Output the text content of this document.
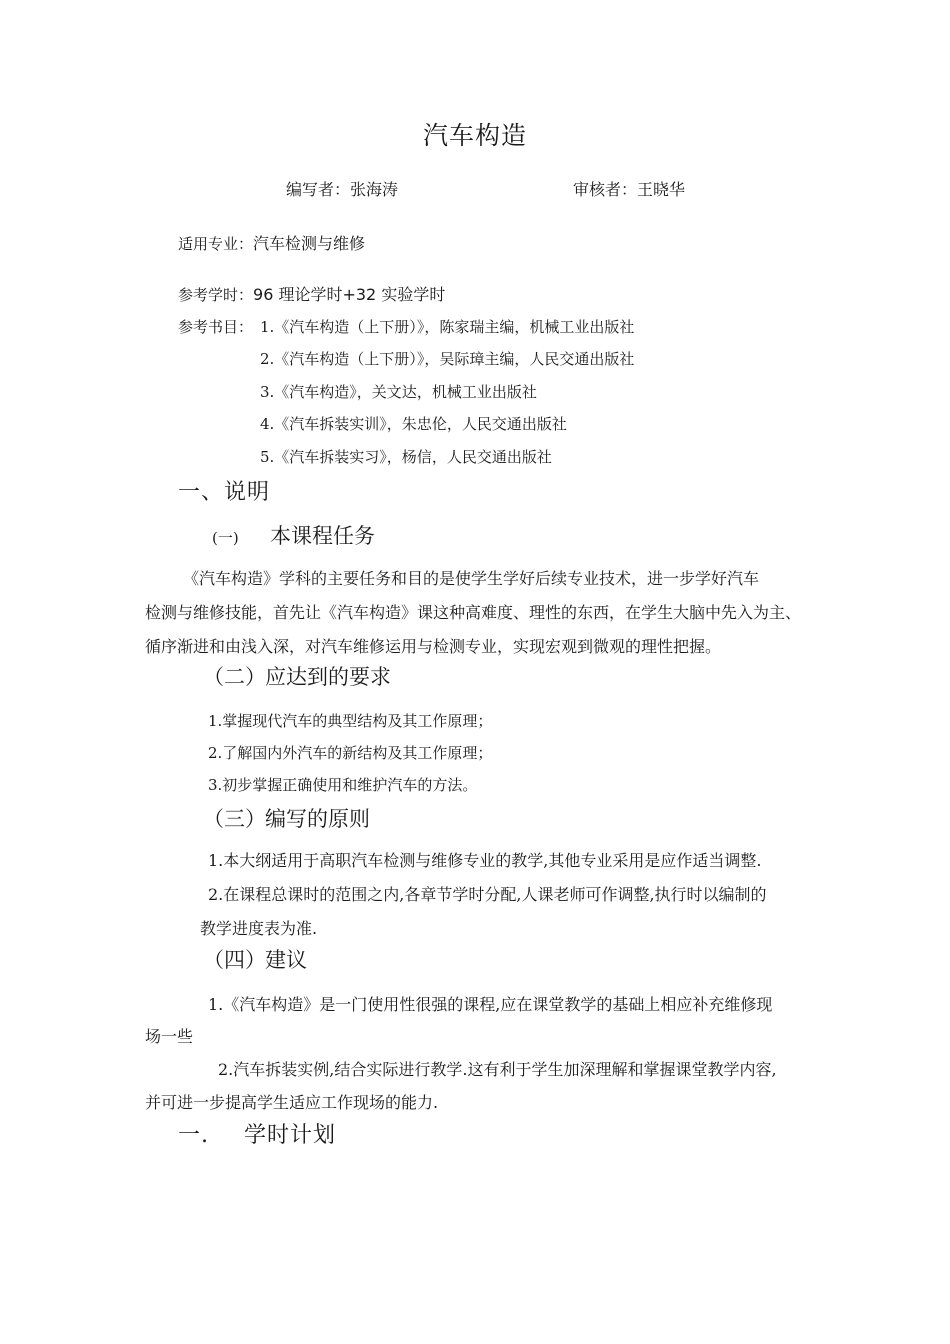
汽车构造
编写者：张海涛	审核者：王晓华
适用专业：汽车检测与维修
参考学时：96 理论学时+32 实验学时
参考书目： 1.《汽车构造（上下册）》，陈家瑞主编，机械工业出版社
2.《汽车构造（上下册）》，吴际璋主编，人民交通出版社
3.《汽车构造》，关文达，机械工业出版社
4.《汽车拆装实训》，朱忠伦，人民交通出版社
5.《汽车拆装实习》，杨信，人民交通出版社
一、说明
(一) 本课程任务
《汽车构造》学科的主要任务和目的是使学生学好后续专业技术，进一步学好汽车
检测与维修技能，首先让《汽车构造》课这种高难度、理性的东西，在学生大脑中先入为主、
循序渐进和由浅入深，对汽车维修运用与检测专业，实现宏观到微观的理性把握。
（二）应达到的要求
1.掌握现代汽车的典型结构及其工作原理；
2.了解国内外汽车的新结构及其工作原理；
3.初步掌握正确使用和维护汽车的方法。
（三）编写的原则
1.本大纲适用于高职汽车检测与维修专业的教学,其他专业采用是应作适当调整.
2.在课程总课时的范围之内,各章节学时分配,人课老师可作调整,执行时以编制的
教学进度表为准.
（四）建议
1.《汽车构造》是一门使用性很强的课程,应在课堂教学的基础上相应补充维修现
场一些
2.汽车拆装实例,结合实际进行教学.这有利于学生加深理解和掌握课堂教学内容,
并可进一步提高学生适应工作现场的能力.
一. 学时计划
